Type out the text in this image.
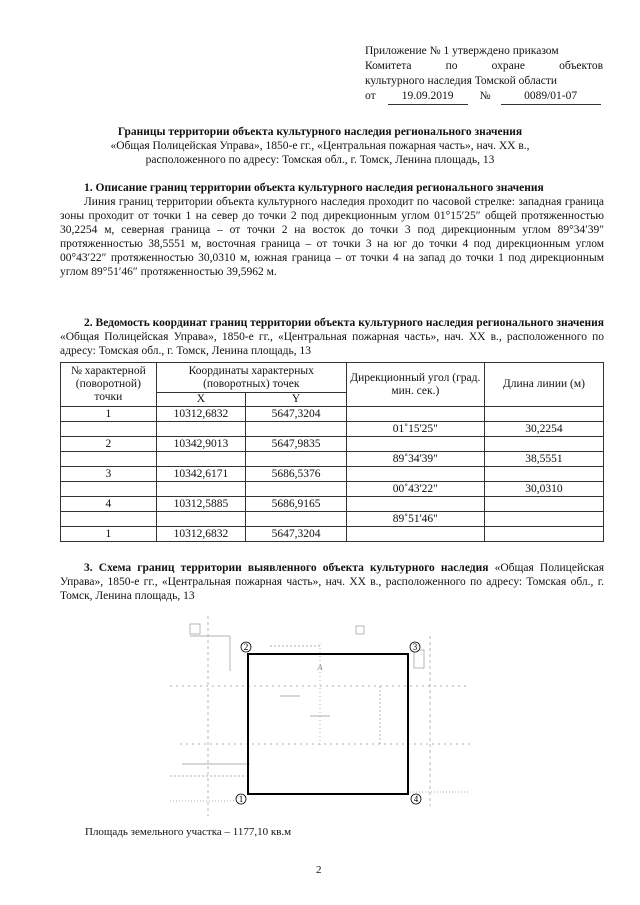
Приложение № 1 утверждено приказом
Комитета по охране объектов
культурного наследия Томской области
от	19.09.2019	№	0089/01-07
Границы территории объекта культурного наследия регионального значения
«Общая Полицейская Управа», 1850-е гг., «Центральная пожарная часть», нач. XX в.,
расположенного по адресу: Томская обл., г. Томск, Ленина площадь, 13
1. Описание границ территории объекта культурного наследия регионального значения
Линия границ территории объекта культурного наследия проходит по часовой стрелке: западная граница зоны проходит от точки 1 на север до точки 2 под дирекционным углом 01°15′25″ общей протяженностью 30,2254 м, северная граница – от точки 2 на восток до точки 3 под дирекционным углом 89°34′39″ протяженностью 38,5551 м, восточная граница – от точки 3 на юг до точки 4 под дирекционным углом 00°43′22″ протяженностью 30,0310 м, южная граница – от точки 4 на запад до точки 1 под дирекционным углом 89°51′46″ протяженностью 39,5962 м.
2. Ведомость координат границ территории объекта культурного наследия регионального значения «Общая Полицейская Управа», 1850-е гг., «Центральная пожарная часть», нач. XX в., расположенного по адресу: Томская обл., г. Томск, Ленина площадь, 13
№ характерной (поворотной) точки	Координаты характерных (поворотных) точек		Дирекционный угол (град. мин. сек.)	Длина линии (м)
	X	Y		
1	10312,6832	5647,3204		
			01˚15'25"	30,2254
2	10342,9013	5647,9835		
			89˚34'39"	38,5551
3	10342,6171	5686,5376		
			00˚43'22"	30,0310
4	10312,5885	5686,9165		
			89˚51'46"	
1	10312,6832	5647,3204		
3. Схема границ территории выявленного объекта культурного наследия «Общая Полицейская Управа», 1850-е гг., «Центральная пожарная часть», нач. XX в., расположенного по адресу: Томская обл., г. Томск, Ленина площадь, 13
2	3
4
1
А
Площадь земельного участка – 1177,10 кв.м
2
